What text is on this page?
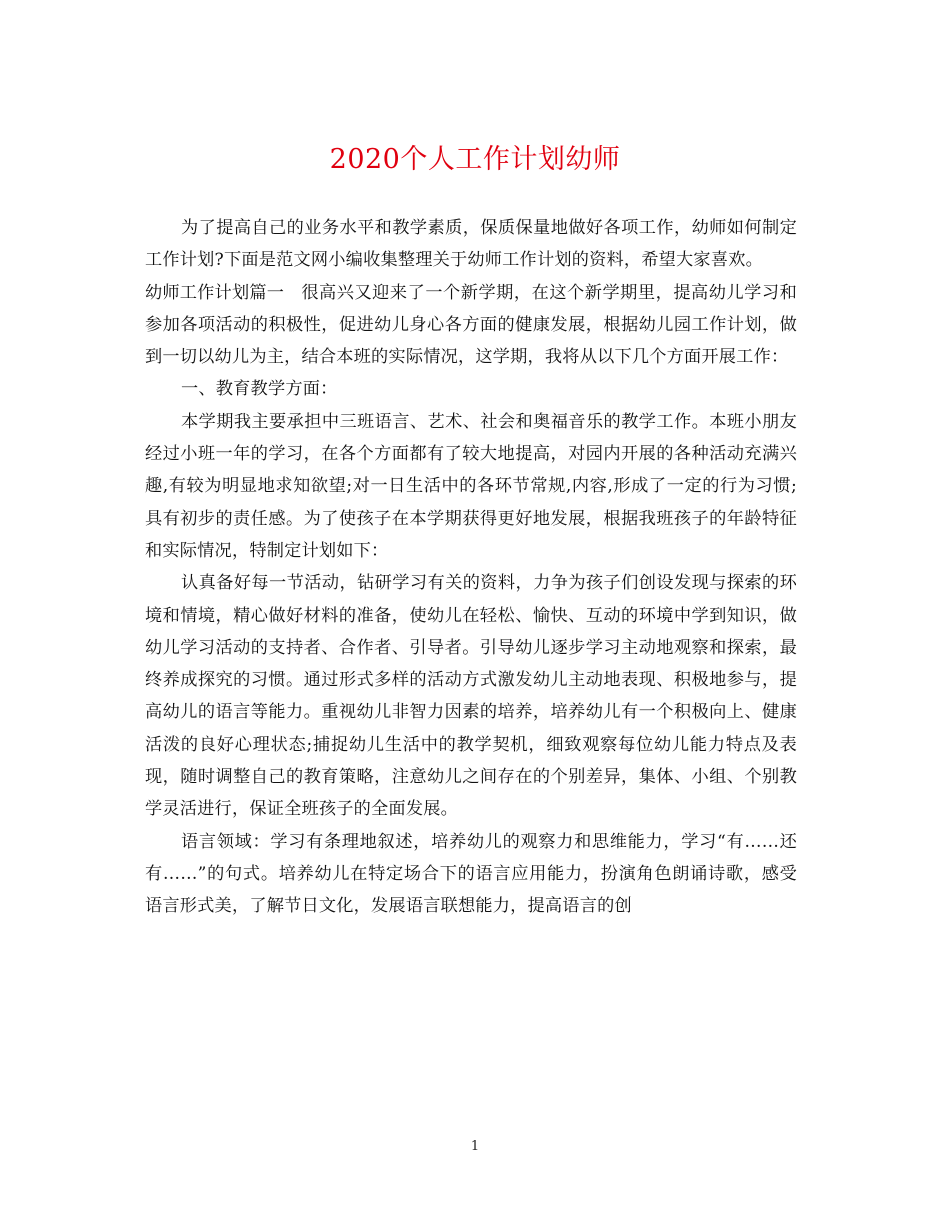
2020个人工作计划幼师

为了提高自己的业务水平和教学素质，保质保量地做好各项工作，幼师如何制定工作计划?下面是范文网小编收集整理关于幼师工作计划的资料，希望大家喜欢。

幼师工作计划篇一 很高兴又迎来了一个新学期，在这个新学期里，提高幼儿学习和参加各项活动的积极性，促进幼儿身心各方面的健康发展，根据幼儿园工作计划，做到一切以幼儿为主，结合本班的实际情况，这学期，我将从以下几个方面开展工作：

一、教育教学方面：

本学期我主要承担中三班语言、艺术、社会和奥福音乐的教学工作。本班小朋友经过小班一年的学习，在各个方面都有了较大地提高，对园内开展的各种活动充满兴趣,有较为明显地求知欲望;对一日生活中的各环节常规,内容,形成了一定的行为习惯;具有初步的责任感。为了使孩子在本学期获得更好地发展，根据我班孩子的年龄特征和实际情况，特制定计划如下：

认真备好每一节活动，钻研学习有关的资料，力争为孩子们创设发现与探索的环境和情境，精心做好材料的准备，使幼儿在轻松、愉快、互动的环境中学到知识，做幼儿学习活动的支持者、合作者、引导者。引导幼儿逐步学习主动地观察和探索，最终养成探究的习惯。通过形式多样的活动方式激发幼儿主动地表现、积极地参与，提高幼儿的语言等能力。重视幼儿非智力因素的培养，培养幼儿有一个积极向上、健康活泼的良好心理状态;捕捉幼儿生活中的教学契机，细致观察每位幼儿能力特点及表现，随时调整自己的教育策略，注意幼儿之间存在的个别差异，集体、小组、个别教学灵活进行，保证全班孩子的全面发展。

语言领域：学习有条理地叙述，培养幼儿的观察力和思维能力，学习“有……还有……”的句式。培养幼儿在特定场合下的语言应用能力，扮演角色朗诵诗歌，感受语言形式美，了解节日文化，发展语言联想能力，提高语言的创

1
